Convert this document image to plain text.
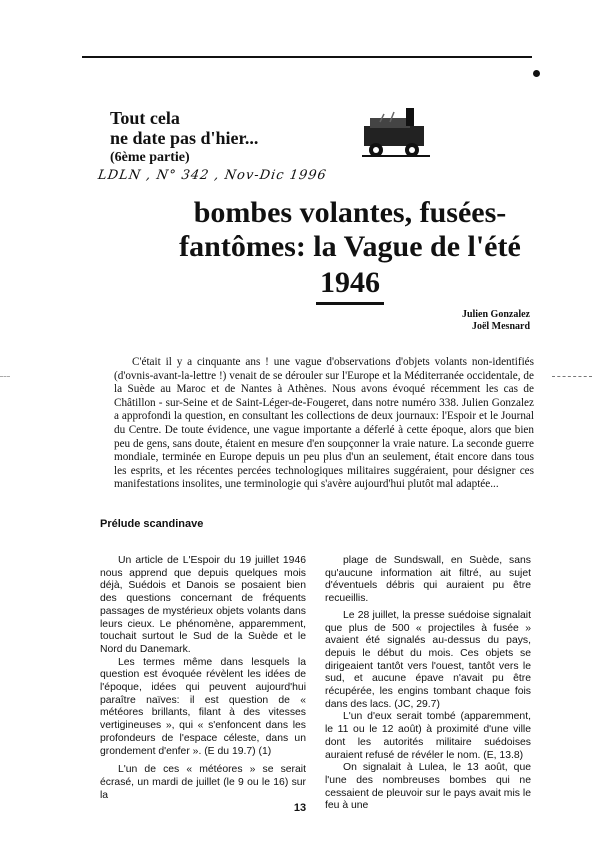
Tout cela
ne date pas d'hier...
(6ème partie)
LDLN , N° 342 , Nov-Dic 1996
bombes volantes, fusées-
fantômes: la Vague de l'été
1946
Julien Gonzalez
Joël Mesnard

C'était il y a cinquante ans ! une vague d'observations d'objets volants non-identifiés (d'ovnis-avant-la-lettre !) venait de se dérouler sur l'Europe et la Méditerranée occidentale, de la Suède au Maroc et de Nantes à Athènes. Nous avons évoqué récemment les cas de Châtillon - sur-Seine et de Saint-Léger-de-Fougeret, dans notre numéro 338. Julien Gonzalez a approfondi la question, en consultant les collections de deux journaux: l'Espoir et le Journal du Centre. De toute évidence, une vague importante a déferlé à cette époque, alors que bien peu de gens, sans doute, étaient en mesure d'en soupçonner la vraie nature. La seconde guerre mondiale, terminée en Europe depuis un peu plus d'un an seulement, était encore dans tous les esprits, et les récentes percées technologiques militaires suggéraient, pour désigner ces manifestations insolites, une terminologie qui s'avère aujourd'hui plutôt mal adaptée...

Prélude scandinave

Un article de L'Espoir du 19 juillet 1946 nous apprend que depuis quelques mois déjà, Suédois et Danois se posaient bien des questions concernant de fréquents passages de mystérieux objets volants dans leurs cieux. Le phénomène, apparemment, touchait surtout le Sud de la Suède et le Nord du Danemark.

Les termes même dans lesquels la question est évoquée révèlent les idées de l'époque, idées qui peuvent aujourd'hui paraître naïves: il est question de « météores brillants, filant à des vitesses vertigineuses », qui « s'enfoncent dans les profondeurs de l'espace céleste, dans un grondement d'enfer ». (E du 19.7) (1)

L'un de ces « météores » se serait écrasé, un mardi de juillet (le 9 ou le 16) sur la

plage de Sundswall, en Suède, sans qu'aucune information ait filtré, au sujet d'éventuels débris qui auraient pu être recueillis.

Le 28 juillet, la presse suédoise signalait que plus de 500 « projectiles à fusée » avaient été signalés au-dessus du pays, depuis le début du mois. Ces objets se dirigeaient tantôt vers l'ouest, tantôt vers le sud, et aucune épave n'avait pu être récupérée, les engins tombant chaque fois dans des lacs. (JC, 29.7)

L'un d'eux serait tombé (apparemment, le 11 ou le 12 août) à proximité d'une ville dont les autorités militaire suédoises auraient refusé de révéler le nom. (E, 13.8)

On signalait à Lulea, le 13 août, que l'une des nombreuses bombes qui ne cessaient de pleuvoir sur le pays avait mis le feu à une

13
